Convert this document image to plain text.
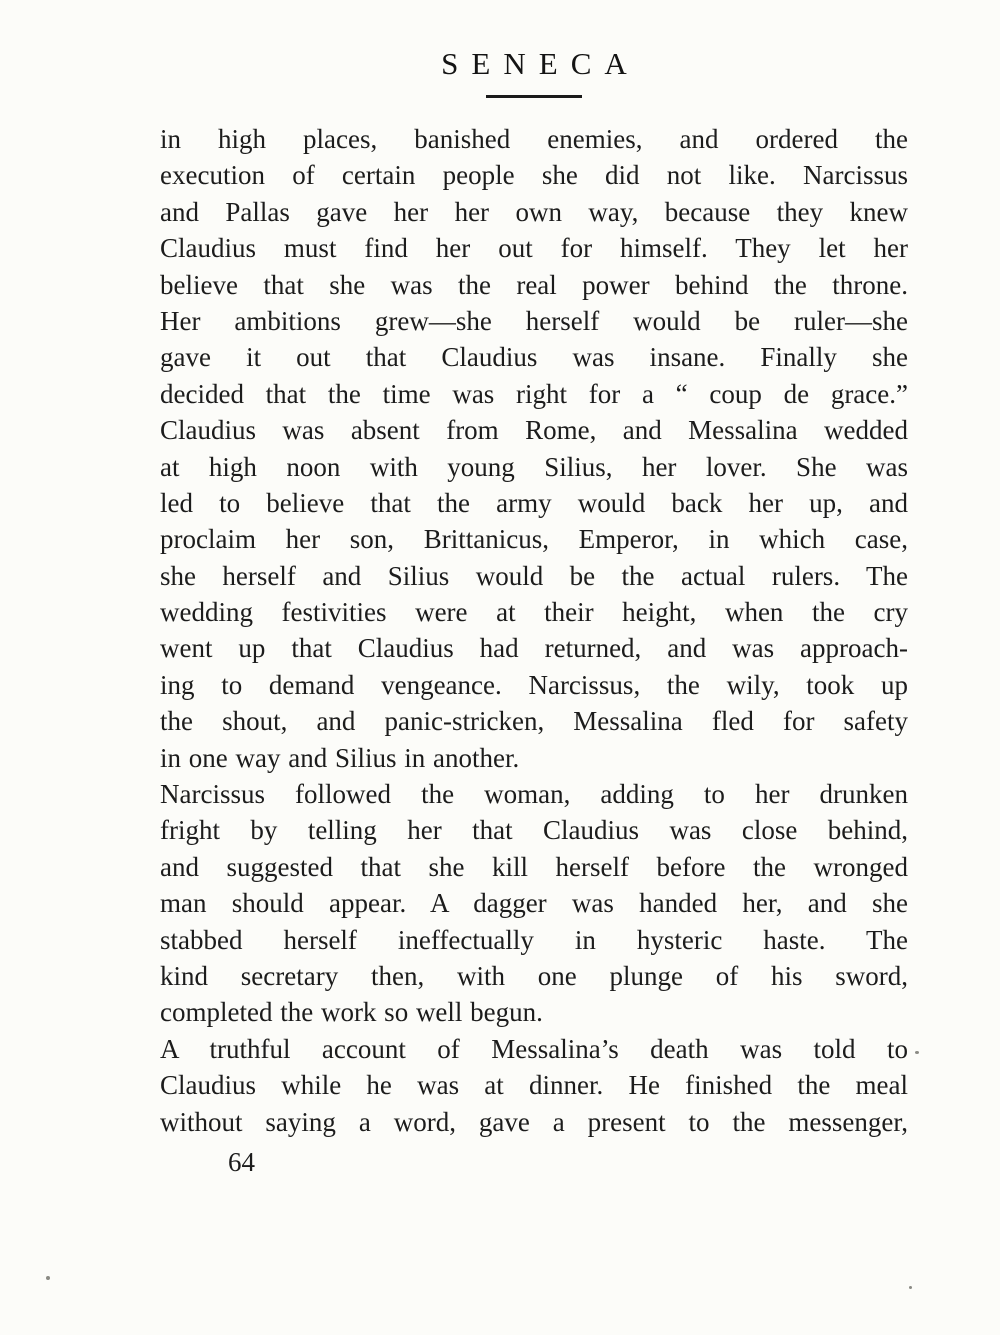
SENECA
in high places, banished enemies, and ordered the
execution of certain people she did not like. Narcissus
and Pallas gave her her own way, because they knew
Claudius must find her out for himself. They let her
believe that she was the real power behind the throne.
Her ambitions grew—she herself would be ruler—she
gave it out that Claudius was insane. Finally she
decided that the time was right for a “ coup de grace.”
Claudius was absent from Rome, and Messalina wedded
at high noon with young Silius, her lover. She was
led to believe that the army would back her up, and
proclaim her son, Brittanicus, Emperor, in which case,
she herself and Silius would be the actual rulers. The
wedding festivities were at their height, when the cry
went up that Claudius had returned, and was approach-
ing to demand vengeance. Narcissus, the wily, took up
the shout, and panic-stricken, Messalina fled for safety
in one way and Silius in another.
Narcissus followed the woman, adding to her drunken
fright by telling her that Claudius was close behind,
and suggested that she kill herself before the wronged
man should appear. A dagger was handed her, and she
stabbed herself ineffectually in hysteric haste. The
kind secretary then, with one plunge of his sword,
completed the work so well begun.
A truthful account of Messalina’s death was told to
Claudius while he was at dinner. He finished the meal
without saying a word, gave a present to the messenger,
64
